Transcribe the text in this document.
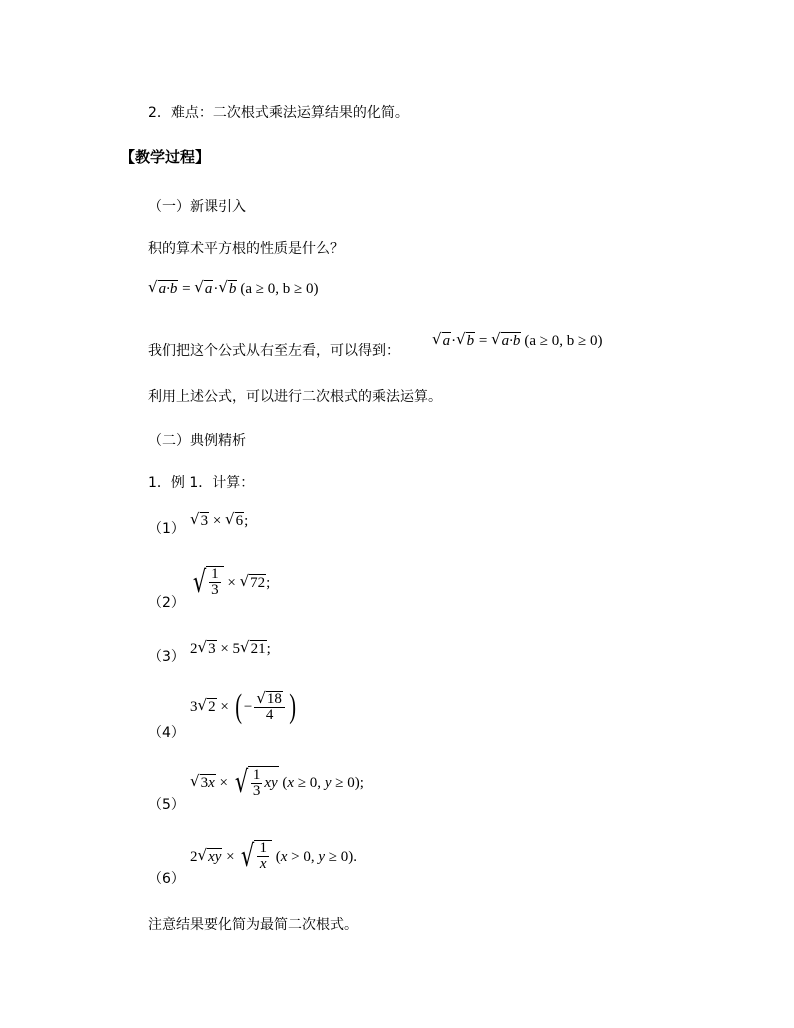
2．难点：二次根式乘法运算结果的化简。
【教学过程】
（一）新课引入
积的算术平方根的性质是什么？
√ a·b = √ a · √ b (a ≥ 0, b ≥ 0)
我们把这个公式从右至左看，可以得到：
√ a · √ b = √ a·b (a ≥ 0, b ≥ 0)
利用上述公式，可以进行二次根式的乘法运算。
（二）典例精析
1．例 1．计算：
（1）
√ 3 × √ 6 ;
（2）
√ $\frac{1}{3}$ × √ 72 ;
（3）
2 √ 3 × 5 √ 21 ;
（4）
3 √ 2 × ( − $\frac{√ 18}{4}$ )
（5）
√ 3x × √ $\frac{1}{3}$ xy (x ≥ 0, y ≥ 0);
（6）
2 √ xy × √ $\frac{1}{x} (x > 0$, y ≥ 0).
注意结果要化简为最简二次根式。
